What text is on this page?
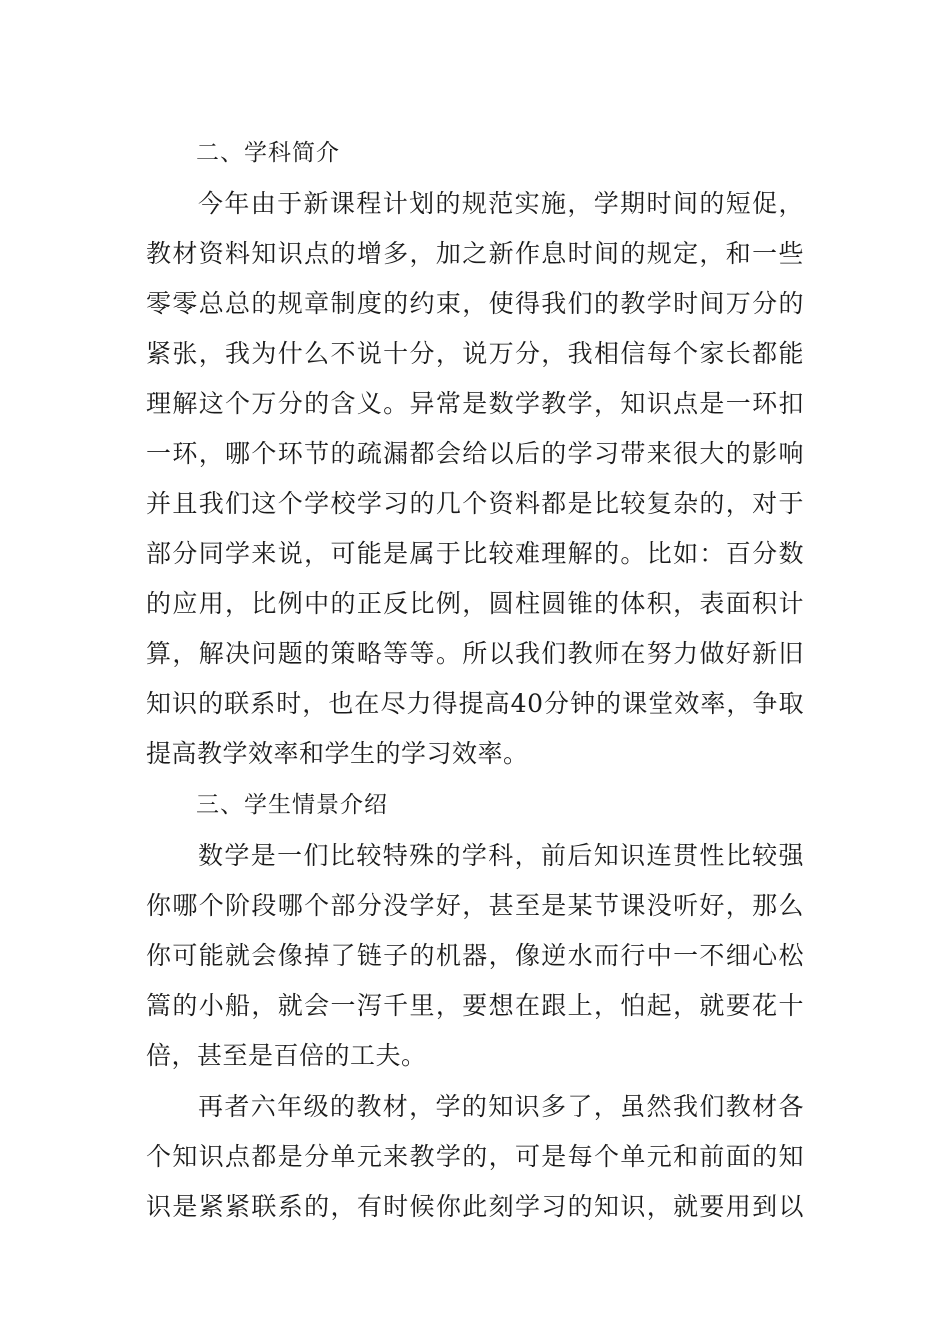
二、学科简介
今年由于新课程计划的规范实施，学期时间的短促，
教材资料知识点的增多，加之新作息时间的规定，和一些
零零总总的规章制度的约束，使得我们的教学时间万分的
紧张，我为什么不说十分，说万分，我相信每个家长都能
理解这个万分的含义。异常是数学教学，知识点是一环扣
一环，哪个环节的疏漏都会给以后的学习带来很大的影响
并且我们这个学校学习的几个资料都是比较复杂的，对于
部分同学来说，可能是属于比较难理解的。比如：百分数
的应用，比例中的正反比例，圆柱圆锥的体积，表面积计
算，解决问题的策略等等。所以我们教师在努力做好新旧
知识的联系时，也在尽力得提高40分钟的课堂效率，争取
提高教学效率和学生的学习效率。
三、学生情景介绍
数学是一们比较特殊的学科，前后知识连贯性比较强
你哪个阶段哪个部分没学好，甚至是某节课没听好，那么
你可能就会像掉了链子的机器，像逆水而行中一不细心松
篙的小船，就会一泻千里，要想在跟上，怕起，就要花十
倍，甚至是百倍的工夫。
再者六年级的教材，学的知识多了，虽然我们教材各
个知识点都是分单元来教学的，可是每个单元和前面的知
识是紧紧联系的，有时候你此刻学习的知识，就要用到以
